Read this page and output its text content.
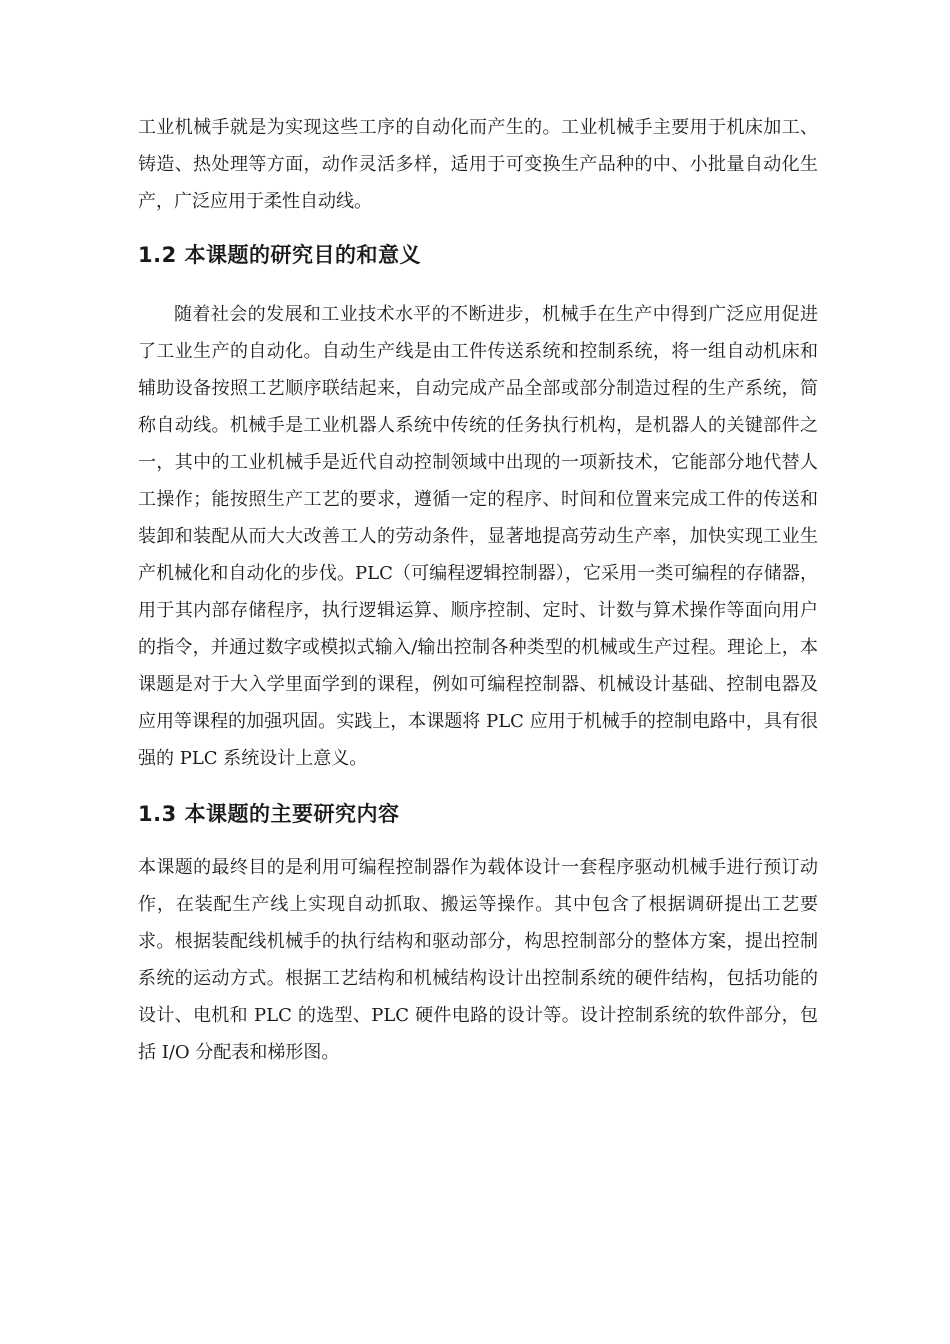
工业机械手就是为实现这些工序的自动化而产生的。工业机械手主要用于机床加工、铸造、热处理等方面，动作灵活多样，适用于可变换生产品种的中、小批量自动化生产，广泛应用于柔性自动线。

1.2 本课题的研究目的和意义

随着社会的发展和工业技术水平的不断进步，机械手在生产中得到广泛应用促进了工业生产的自动化。自动生产线是由工件传送系统和控制系统，将一组自动机床和辅助设备按照工艺顺序联结起来，自动完成产品全部或部分制造过程的生产系统，简称自动线。机械手是工业机器人系统中传统的任务执行机构，是机器人的关键部件之一，其中的工业机械手是近代自动控制领域中出现的一项新技术，它能部分地代替人工操作；能按照生产工艺的要求，遵循一定的程序、时间和位置来完成工件的传送和装卸和装配从而大大改善工人的劳动条件，显著地提高劳动生产率，加快实现工业生产机械化和自动化的步伐。PLC（可编程逻辑控制器），它采用一类可编程的存储器，用于其内部存储程序，执行逻辑运算、顺序控制、定时、计数与算术操作等面向用户的指令，并通过数字或模拟式输入/输出控制各种类型的机械或生产过程。理论上，本课题是对于大入学里面学到的课程，例如可编程控制器、机械设计基础、控制电器及应用等课程的加强巩固。实践上，本课题将 PLC 应用于机械手的控制电路中，具有很强的 PLC 系统设计上意义。

1.3 本课题的主要研究内容

本课题的最终目的是利用可编程控制器作为载体设计一套程序驱动机械手进行预订动作，在装配生产线上实现自动抓取、搬运等操作。其中包含了根据调研提出工艺要求。根据装配线机械手的执行结构和驱动部分，构思控制部分的整体方案，提出控制系统的运动方式。根据工艺结构和机械结构设计出控制系统的硬件结构，包括功能的设计、电机和 PLC 的选型、PLC 硬件电路的设计等。设计控制系统的软件部分，包括 I/O 分配表和梯形图。
